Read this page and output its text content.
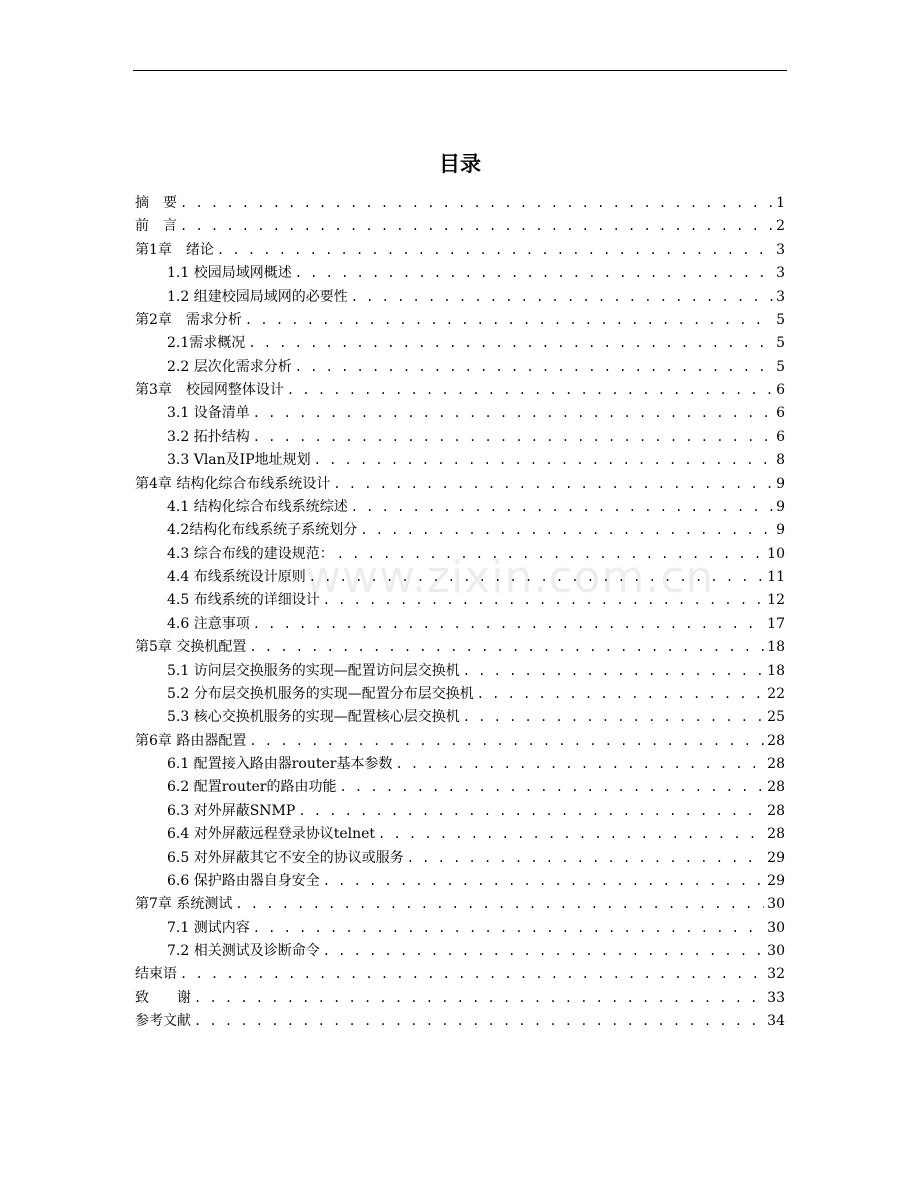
目录
www.zixin.com.cn
摘　要 . . .	1
前　言 . . .	2
第1章　绪论 . . .	3
1.1 校园局域网概述 . . .	3
1.2 组建校园局域网的必要性 . . .	3
第2章　需求分析 . . .	5
2.1需求概况 . . .	5
2.2 层次化需求分析 . . .	5
第3章　校园网整体设计 . . .	6
3.1 设备清单 . . .	6
3.2 拓扑结构 . . .	6
3.3 Vlan及IP地址规划 . . .	8
第4章 结构化综合布线系统设计 . . .	9
4.1 结构化综合布线系统综述 . . .	9
4.2结构化布线系统子系统划分 . . .	9
4.3 综合布线的建设规范： . . .	10
4.4 布线系统设计原则 . . .	11
4.5 布线系统的详细设计 . . .	12
4.6 注意事项 . . .	17
第5章 交换机配置 . . .	18
5.1 访问层交换服务的实现—配置访问层交换机 . . .	18
5.2 分布层交换机服务的实现—配置分布层交换机 . . .	22
5.3 核心交换机服务的实现—配置核心层交换机 . . .	25
第6章 路由器配置 . . .	28
6.1 配置接入路由器router基本参数 . . .	28
6.2 配置router的路由功能 . . .	28
6.3 对外屏蔽SNMP . . .	28
6.4 对外屏蔽远程登录协议telnet . . .	28
6.5 对外屏蔽其它不安全的协议或服务 . . .	29
6.6 保护路由器自身安全 . . .	29
第7章 系统测试 . . .	30
7.1 测试内容 . . .	30
7.2 相关测试及诊断命令 . . .	30
结束语 . . .	32
致　　谢 . . .	33
参考文献 . . .	34
